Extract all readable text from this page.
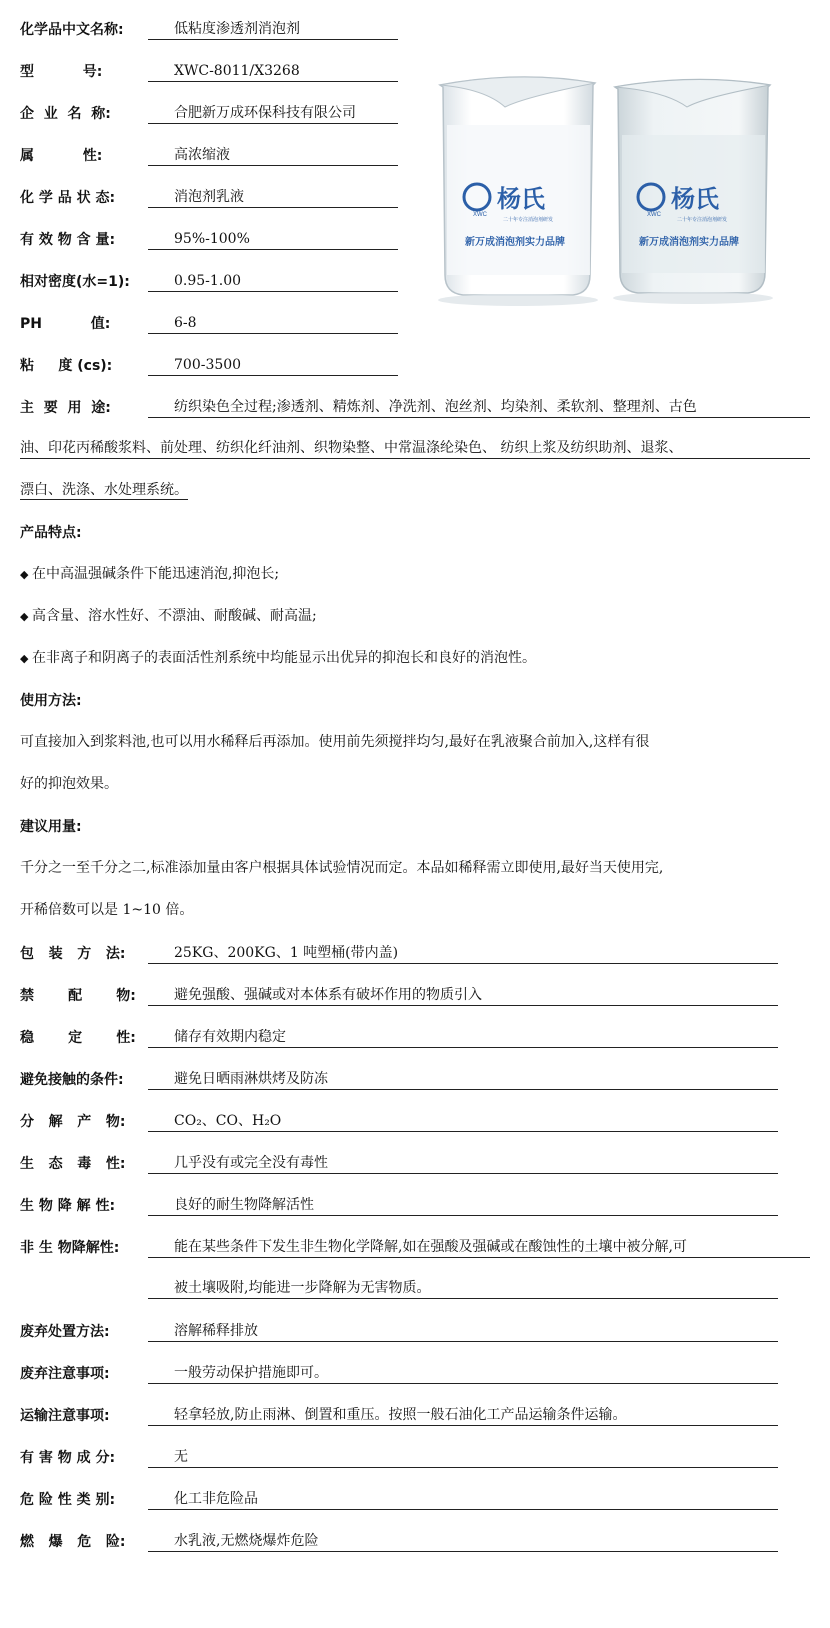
XWC
杨氏
二十年专注消泡剂研发
新万成消泡剂实力品牌
XWC
杨氏
二十年专注消泡剂研发
新万成消泡剂实力品牌
化学品中文名称:	低粘度渗透剂消泡剂
型          号:	XWC-8011/X3268
企  业  名  称:	合肥新万成环保科技有限公司
属          性:	高浓缩液
化 学 品 状 态:	消泡剂乳液
有 效 物 含 量:	95%-100%
相对密度(水=1):	0.95-1.00
PH          值:	6-8
粘     度 (cs):	700-3500
主  要  用  途:	纺织染色全过程;渗透剂、精炼剂、净洗剂、泡丝剂、均染剂、柔软剂、整理剂、古色
油、印花丙稀酸浆料、前处理、纺织化纤油剂、织物染整、中常温涤纶染色、 纺织上浆及纺织助剂、退浆、
漂白、洗涤、水处理系统。
产品特点:
◆ 在中高温强碱条件下能迅速消泡,抑泡长;
◆ 高含量、溶水性好、不漂油、耐酸碱、耐高温;
◆ 在非离子和阴离子的表面活性剂系统中均能显示出优异的抑泡长和良好的消泡性。
使用方法:
可直接加入到浆料池,也可以用水稀释后再添加。使用前先须搅拌均匀,最好在乳液聚合前加入,这样有很
好的抑泡效果。
建议用量:
千分之一至千分之二,标准添加量由客户根据具体试验情况而定。本品如稀释需立即使用,最好当天使用完,
开稀倍数可以是 1~10 倍。
包   装   方   法:	25KG、200KG、1 吨塑桶(带内盖)
禁       配       物:	避免强酸、强碱或对本体系有破坏作用的物质引入
稳       定       性:	储存有效期内稳定
避免接触的条件:	避免日晒雨淋烘烤及防冻
分   解   产   物:	CO₂、CO、H₂O
生   态   毒   性:	几乎没有或完全没有毒性
生 物 降 解 性:	良好的耐生物降解活性
非 生 物降解性:	能在某些条件下发生非生物化学降解,如在强酸及强碱或在酸蚀性的土壤中被分解,可
被土壤吸附,均能进一步降解为无害物质。
废弃处置方法:	溶解稀释排放
废弃注意事项:	一般劳动保护措施即可。
运输注意事项:	轻拿轻放,防止雨淋、倒置和重压。按照一般石油化工产品运输条件运输。
有 害 物 成 分:	无
危 险 性 类 别:	化工非危险品
燃   爆   危   险:	水乳液,无燃烧爆炸危险
